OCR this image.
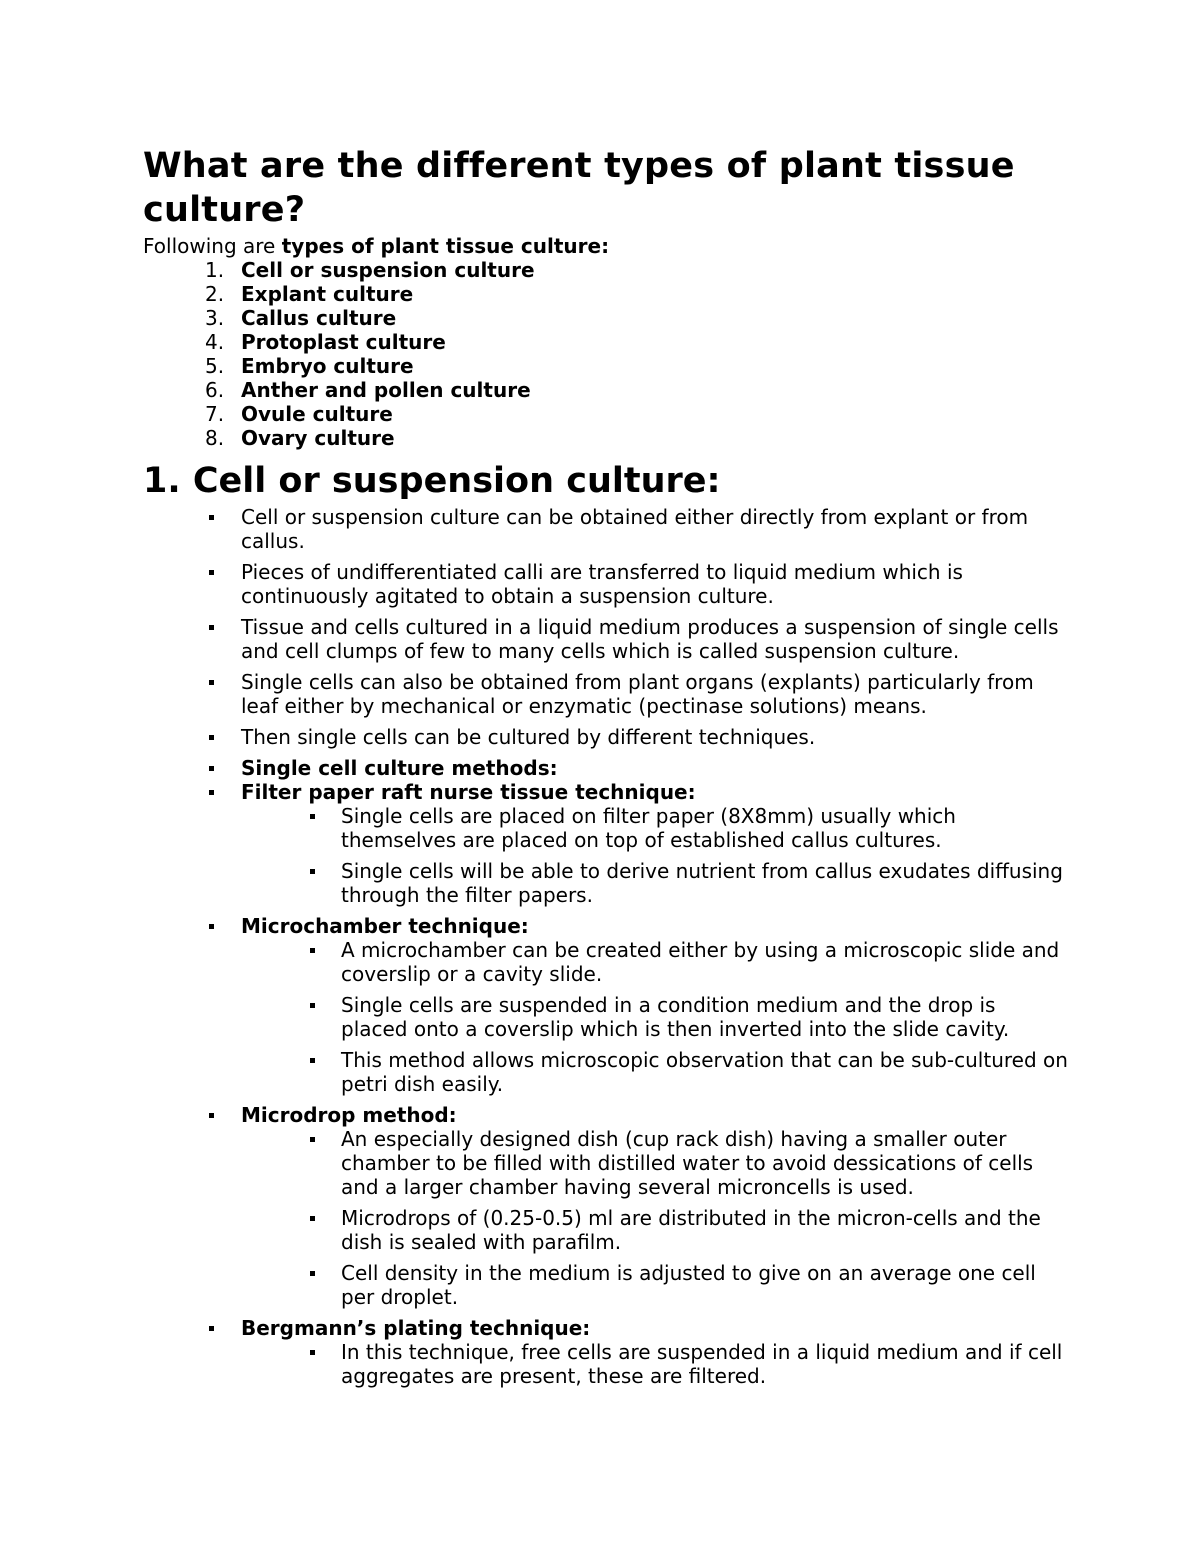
What are the different types of plant tissue culture?

Following are types of plant tissue culture:

1. Cell or suspension culture
2. Explant culture
3. Callus culture
4. Protoplast culture
5. Embryo culture
6. Anther and pollen culture
7. Ovule culture
8. Ovary culture
1. Cell or suspension culture:
Cell or suspension culture can be obtained either directly from explant or from callus.
Pieces of undifferentiated calli are transferred to liquid medium which is continuously agitated to obtain a suspension culture.
Tissue and cells cultured in a liquid medium produces a suspension of single cells and cell clumps of few to many cells which is called suspension culture.
Single cells can also be obtained from plant organs (explants) particularly from leaf either by mechanical or enzymatic (pectinase solutions) means.
Then single cells can be cultured by different techniques.
Single cell culture methods:
Filter paper raft nurse tissue technique:
Single cells are placed on filter paper (8X8mm) usually which themselves are placed on top of established callus cultures.
Single cells will be able to derive nutrient from callus exudates diffusing through the filter papers.
Microchamber technique:
A microchamber can be created either by using a microscopic slide and coverslip or a cavity slide.
Single cells are suspended in a condition medium and the drop is placed onto a coverslip which is then inverted into the slide cavity.
This method allows microscopic observation that can be sub-cultured on petri dish easily.
Microdrop method:
An especially designed dish (cup rack dish) having a smaller outer chamber to be filled with distilled water to avoid dessications of cells and a larger chamber having several microncells is used.
Microdrops of (0.25-0.5) ml are distributed in the micron-cells and the dish is sealed with parafilm.
Cell density in the medium is adjusted to give on an average one cell per droplet.
Bergmann’s plating technique:
In this technique, free cells are suspended in a liquid medium and if cell aggregates are present, these are filtered.
